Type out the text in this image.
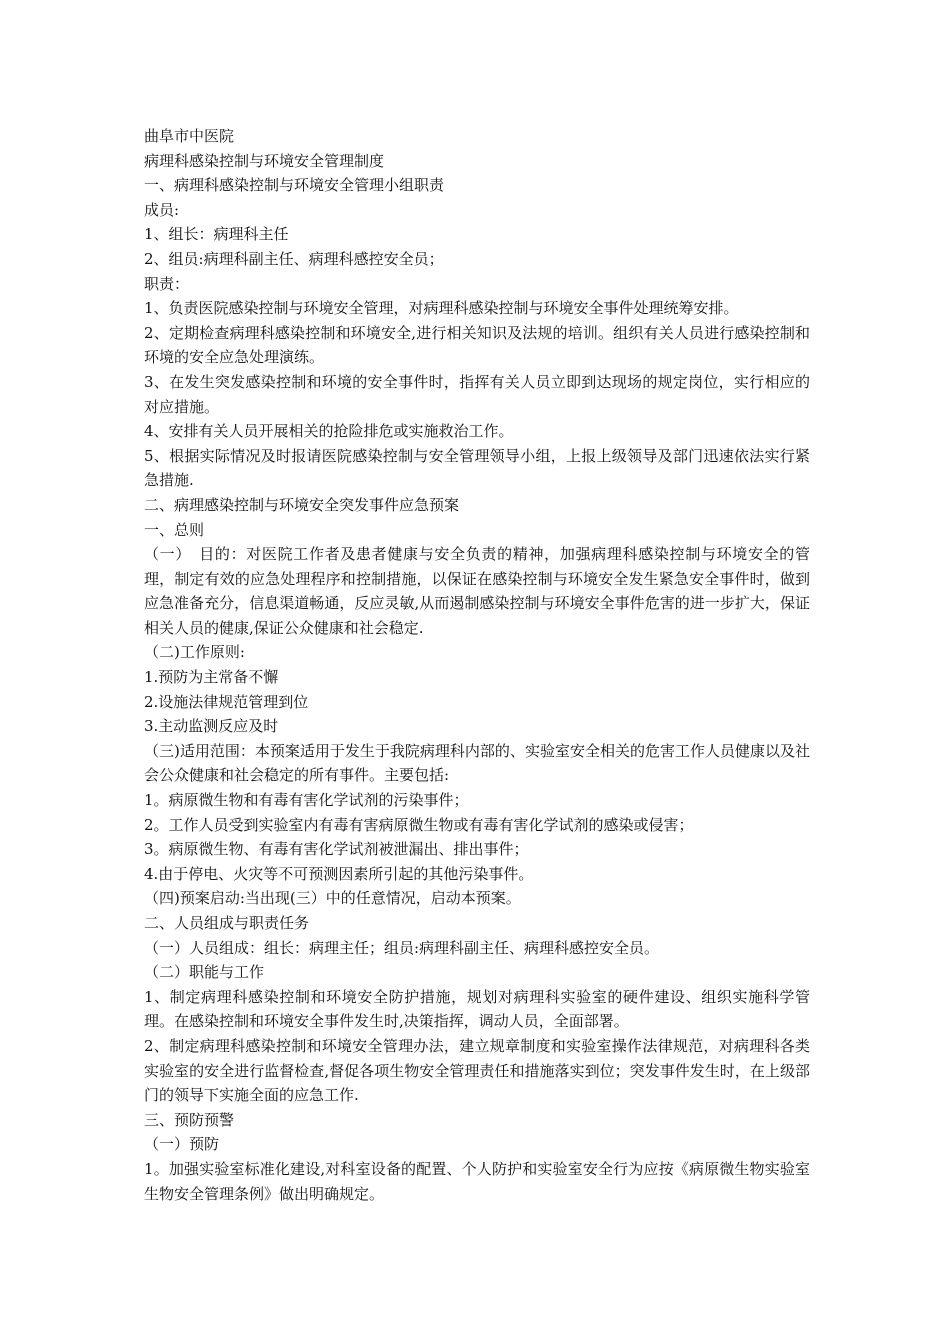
曲阜市中医院

病理科感染控制与环境安全管理制度

一、病理科感染控制与环境安全管理小组职责

成员:

1、组长：病理科主任

2、组员:病理科副主任、病理科感控安全员；

职责：

1、负责医院感染控制与环境安全管理，对病理科感染控制与环境安全事件处理统筹安排。

2、定期检查病理科感染控制和环境安全,进行相关知识及法规的培训。组织有关人员进行感染控制和环境的安全应急处理演练。

3、在发生突发感染控制和环境的安全事件时，指挥有关人员立即到达现场的规定岗位，实行相应的对应措施。

4、安排有关人员开展相关的抢险排危或实施救治工作。

5、根据实际情况及时报请医院感染控制与安全管理领导小组，上报上级领导及部门迅速依法实行紧急措施.

二、病理感染控制与环境安全突发事件应急预案

一、总则

（一）　目的：对医院工作者及患者健康与安全负责的精神，加强病理科感染控制与环境安全的管理，制定有效的应急处理程序和控制措施，以保证在感染控制与环境安全发生紧急安全事件时，做到应急准备充分，信息渠道畅通，反应灵敏,从而遏制感染控制与环境安全事件危害的进一步扩大，保证相关人员的健康,保证公众健康和社会稳定.

（二)工作原则:

1.预防为主常备不懈

2.设施法律规范管理到位

3.主动监测反应及时

（三)适用范围：本预案适用于发生于我院病理科内部的、实验室安全相关的危害工作人员健康以及社会公众健康和社会稳定的所有事件。主要包括:

1。病原微生物和有毒有害化学试剂的污染事件；

2。工作人员受到实验室内有毒有害病原微生物或有毒有害化学试剂的感染或侵害；

3。病原微生物、有毒有害化学试剂被泄漏出、排出事件；

4.由于停电、火灾等不可预测因素所引起的其他污染事件。

（四)预案启动:当出现(三）中的任意情况，启动本预案。

二、人员组成与职责任务

（一）人员组成：组长：病理主任；组员:病理科副主任、病理科感控安全员。

（二）职能与工作

1、制定病理科感染控制和环境安全防护措施，规划对病理科实验室的硬件建设、组织实施科学管理。在感染控制和环境安全事件发生时,决策指挥，调动人员，全面部署。

2、制定病理科感染控制和环境安全管理办法，建立规章制度和实验室操作法律规范，对病理科各类实验室的安全进行监督检查,督促各项生物安全管理责任和措施落实到位；突发事件发生时，在上级部门的领导下实施全面的应急工作.

三、预防预警

（一）预防

1。加强实验室标准化建设,对科室设备的配置、个人防护和实验室安全行为应按《病原微生物实验室生物安全管理条例》做出明确规定。
